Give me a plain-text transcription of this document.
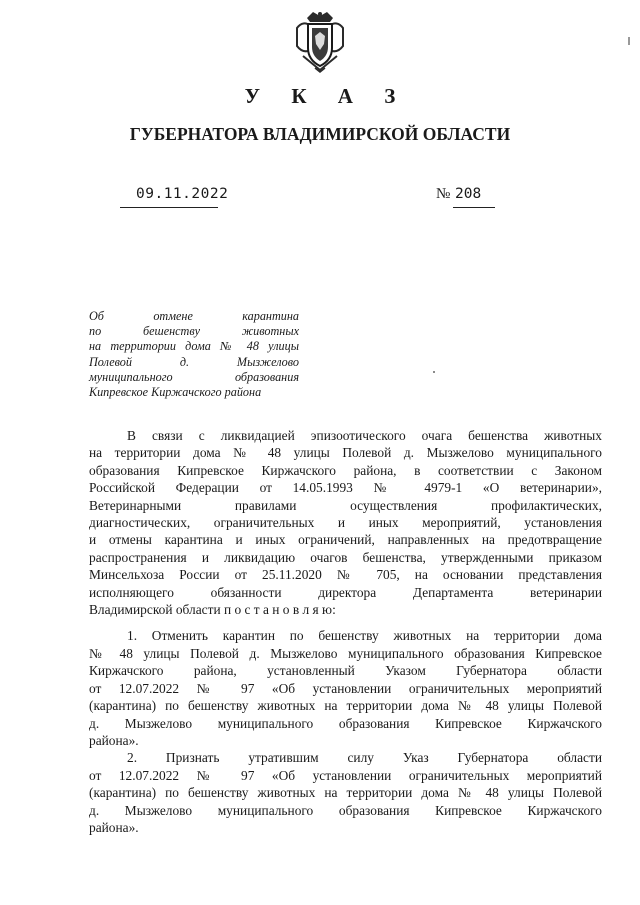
У К А З
ГУБЕРНАТОРА ВЛАДИМИРСКОЙ ОБЛАСТИ
09.11.2022	№ 208
Об отмене карантина
по бешенству животных
на территории дома № 48 улицы
Полевой д. Мызжелово
муниципального образования
Кипревское Киржачского района
В связи с ликвидацией эпизоотического очага бешенства животных
на территории дома № 48 улицы Полевой д. Мызжелово муниципального
образования Кипревское Киржачского района, в соответствии с Законом
Российской Федерации от 14.05.1993 № 4979-1 «О ветеринарии»,
Ветеринарными правилами осуществления профилактических,
диагностических, ограничительных и иных мероприятий, установления
и отмены карантина и иных ограничений, направленных на предотвращение
распространения и ликвидацию очагов бешенства, утвержденными приказом
Минсельхоза России от 25.11.2020 № 705, на основании представления
исполняющего обязанности директора Департамента ветеринарии
Владимирской области п о с т а н о в л я ю:
1. Отменить карантин по бешенству животных на территории дома
№ 48 улицы Полевой д. Мызжелово муниципального образования Кипревское
Киржачского района, установленный Указом Губернатора области
от 12.07.2022 № 97 «Об установлении ограничительных мероприятий
(карантина) по бешенству животных на территории дома № 48 улицы Полевой
д. Мызжелово муниципального образования Кипревское Киржачского
района».
2. Признать утратившим силу Указ Губернатора области
от 12.07.2022 № 97 «Об установлении ограничительных мероприятий
(карантина) по бешенству животных на территории дома № 48 улицы Полевой
д. Мызжелово муниципального образования Кипревское Киржачского
района».
